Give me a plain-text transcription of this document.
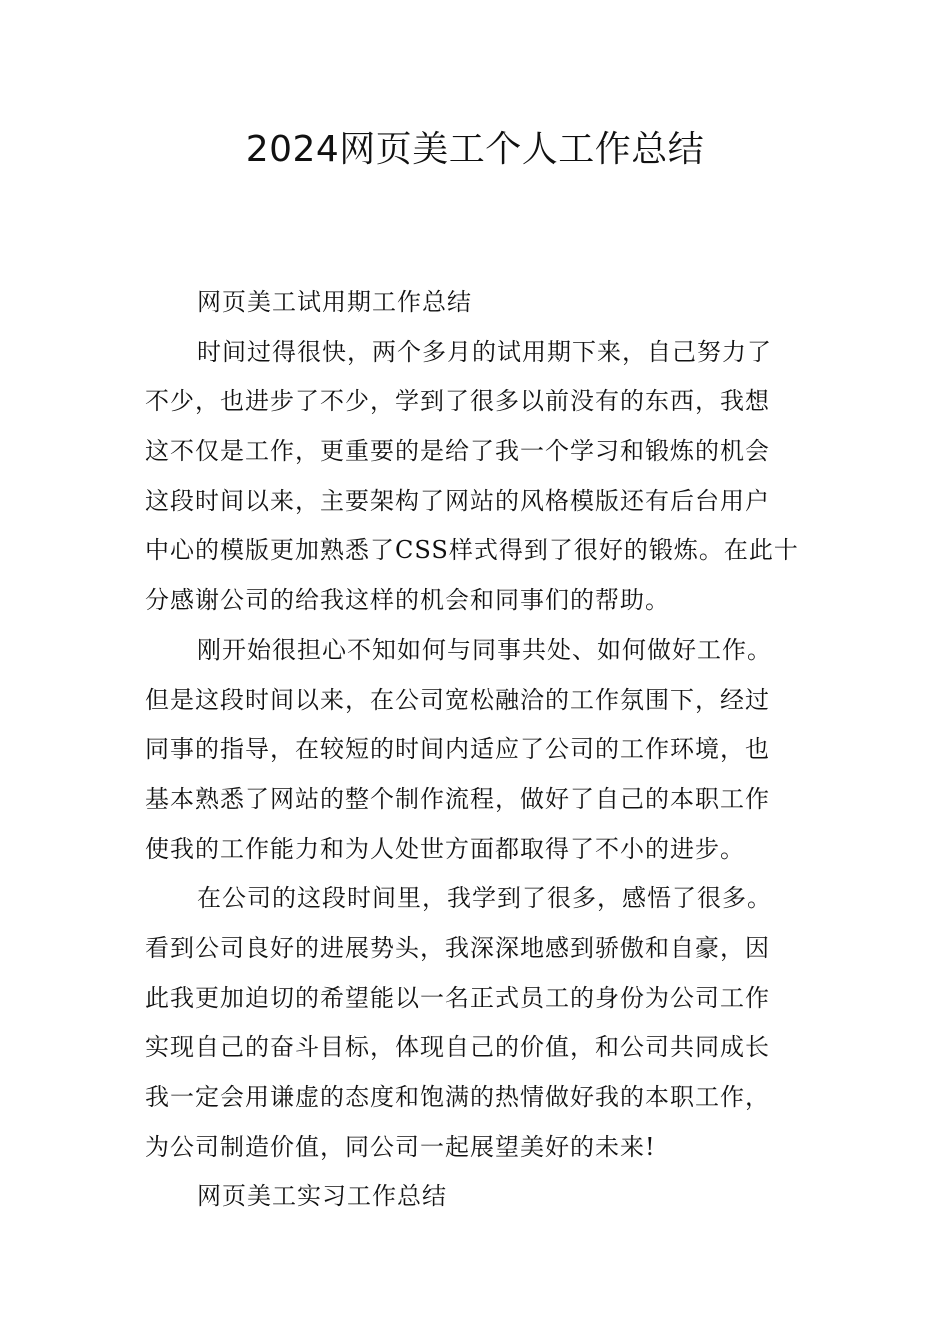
2024网页美工个人工作总结
网页美工试用期工作总结
时间过得很快，两个多月的试用期下来，自己努力了
不少，也进步了不少，学到了很多以前没有的东西，我想
这不仅是工作，更重要的是给了我一个学习和锻炼的机会
这段时间以来，主要架构了网站的风格模版还有后台用户
中心的模版更加熟悉了CSS样式得到了很好的锻炼。在此十
分感谢公司的给我这样的机会和同事们的帮助。
刚开始很担心不知如何与同事共处、如何做好工作。
但是这段时间以来，在公司宽松融洽的工作氛围下，经过
同事的指导，在较短的时间内适应了公司的工作环境，也
基本熟悉了网站的整个制作流程，做好了自己的本职工作
使我的工作能力和为人处世方面都取得了不小的进步。
在公司的这段时间里，我学到了很多，感悟了很多。
看到公司良好的进展势头，我深深地感到骄傲和自豪，因
此我更加迫切的希望能以一名正式员工的身份为公司工作
实现自己的奋斗目标，体现自己的价值，和公司共同成长
我一定会用谦虚的态度和饱满的热情做好我的本职工作，
为公司制造价值，同公司一起展望美好的未来!
网页美工实习工作总结
